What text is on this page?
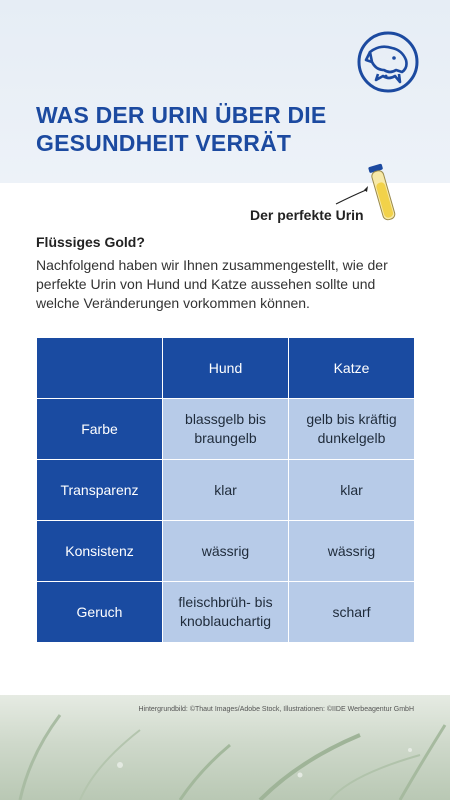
WAS DER URIN ÜBER DIE
GESUNDHEIT VERRÄT
Der perfekte Urin
Flüssiges Gold?
Nachfolgend haben wir Ihnen zusammengestellt, wie der perfekte Urin von Hund und Katze aussehen sollte und welche Veränderungen vorkommen können.
	Hund	Katze
Farbe	blassgelb bis braungelb	gelb bis kräftig dunkelgelb
Transparenz	klar	klar
Konsistenz	wässrig	wässrig
Geruch	fleischbrüh- bis knoblauchartig	scharf
Hintergrundbild: ©Thaut Images/Adobe Stock, Illustrationen: ©IIDE Werbeagentur GmbH
